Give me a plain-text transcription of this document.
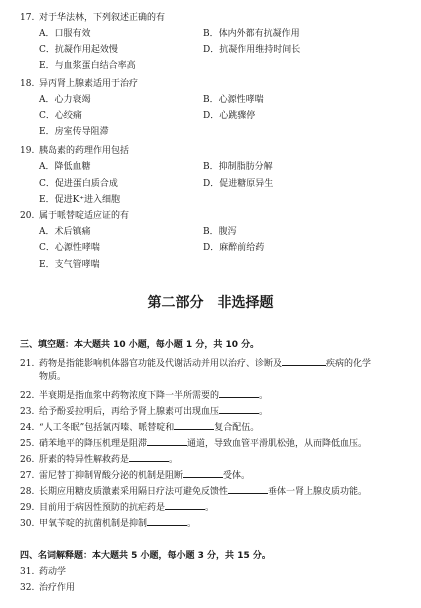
17. 对于华法林，下列叙述正确的有
A．口服有效	B．体内外都有抗凝作用
C．抗凝作用起效慢	D．抗凝作用维持时间长
E．与血浆蛋白结合率高
18. 异丙肾上腺素适用于治疗
A．心力衰竭	B．心源性哮喘
C．心绞痛	D．心跳骤停
E．房室传导阻滞
19. 胰岛素的药理作用包括
A．降低血糖	B．抑制脂肪分解
C．促进蛋白质合成	D．促进糖原异生
E．促进K⁺进入细胞
20. 属于哌替啶适应证的有
A．术后镇痛	B．腹泻
C．心源性哮喘	D．麻醉前给药
E．支气管哮喘
第二部分　非选择题
三、填空题：本大题共 10 小题，每小题 1 分，共 10 分。
21. 药物是指能影响机体器官功能及代谢活动并用以治疗、诊断及	疾病的化学
物质。
22. 半衰期是指血浆中药物浓度下降一半所需要的	。
23. 给予酚妥拉明后，再给予肾上腺素可出现血压	。
24. “人工冬眠”包括氯丙嗪、哌替啶和	复合配伍。
25. 硝苯地平的降压机理是阻滞	通道，导致血管平滑肌松弛，从而降低血压。
26. 肝素的特异性解救药是	。
27. 雷尼替丁抑制胃酸分泌的机制是阻断	受体。
28. 长期应用糖皮质激素采用隔日疗法可避免反馈性	垂体一肾上腺皮质功能。
29. 目前用于病因性预防的抗疟药是	。
30. 甲氧苄啶的抗菌机制是抑制	。
四、名词解释题：本大题共 5 小题，每小题 3 分，共 15 分。
31. 药动学
32. 治疗作用
